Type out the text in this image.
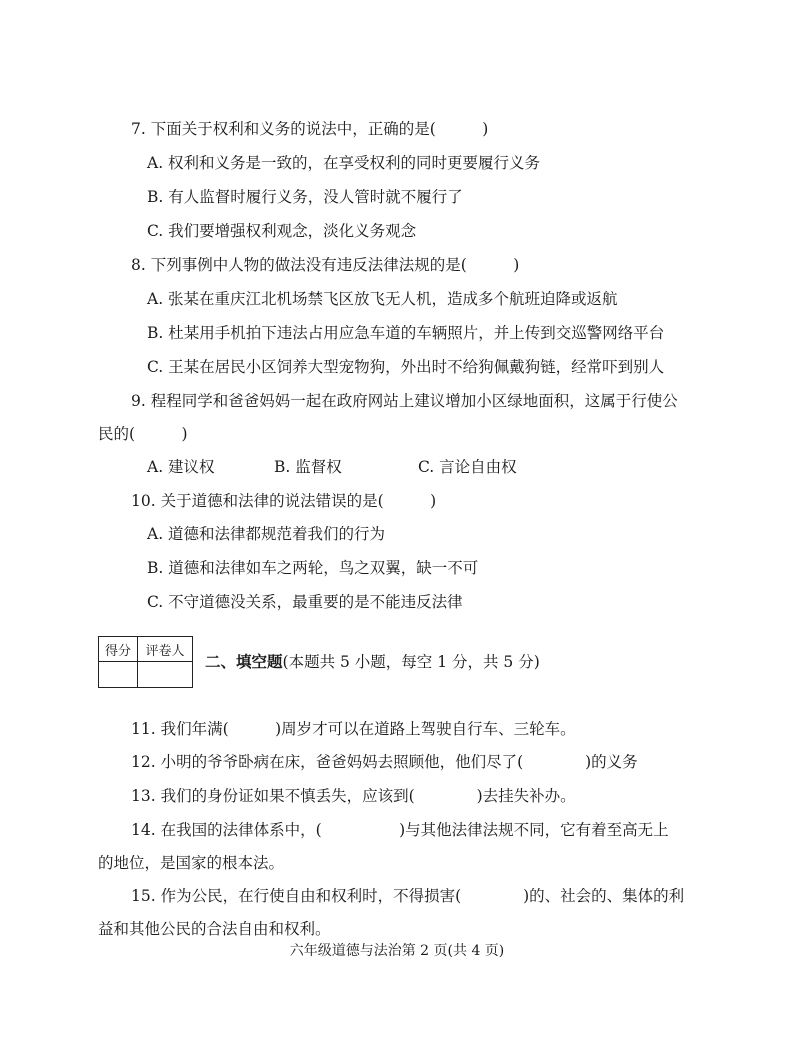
7. 下面关于权利和义务的说法中，正确的是(　　　)
A. 权利和义务是一致的，在享受权利的同时更要履行义务
B. 有人监督时履行义务，没人管时就不履行了
C. 我们要增强权利观念，淡化义务观念
8. 下列事例中人物的做法没有违反法律法规的是(　　　)
A. 张某在重庆江北机场禁飞区放飞无人机，造成多个航班迫降或返航
B. 杜某用手机拍下违法占用应急车道的车辆照片，并上传到交巡警网络平台
C. 王某在居民小区饲养大型宠物狗，外出时不给狗佩戴狗链，经常吓到别人
9. 程程同学和爸爸妈妈一起在政府网站上建议增加小区绿地面积，这属于行使公
民的(　　　)
A. 建议权	B. 监督权	C. 言论自由权
10. 关于道德和法律的说法错误的是(　　　)
A. 道德和法律都规范着我们的行为
B. 道德和法律如车之两轮，鸟之双翼，缺一不可
C. 不守道德没关系，最重要的是不能违反法律
得分	评卷人

二、填空题(本题共 5 小题，每空 1 分，共 5 分)
11. 我们年满(　　　)周岁才可以在道路上驾驶自行车、三轮车。
12. 小明的爷爷卧病在床，爸爸妈妈去照顾他，他们尽了(　　　　)的义务
13. 我们的身份证如果不慎丢失，应该到(　　　　)去挂失补办。
14. 在我国的法律体系中，(　　　　　)与其他法律法规不同，它有着至高无上
的地位，是国家的根本法。
15. 作为公民，在行使自由和权利时，不得损害(　　　　)的、社会的、集体的利
益和其他公民的合法自由和权利。
六年级道德与法治第 2 页(共 4 页)
